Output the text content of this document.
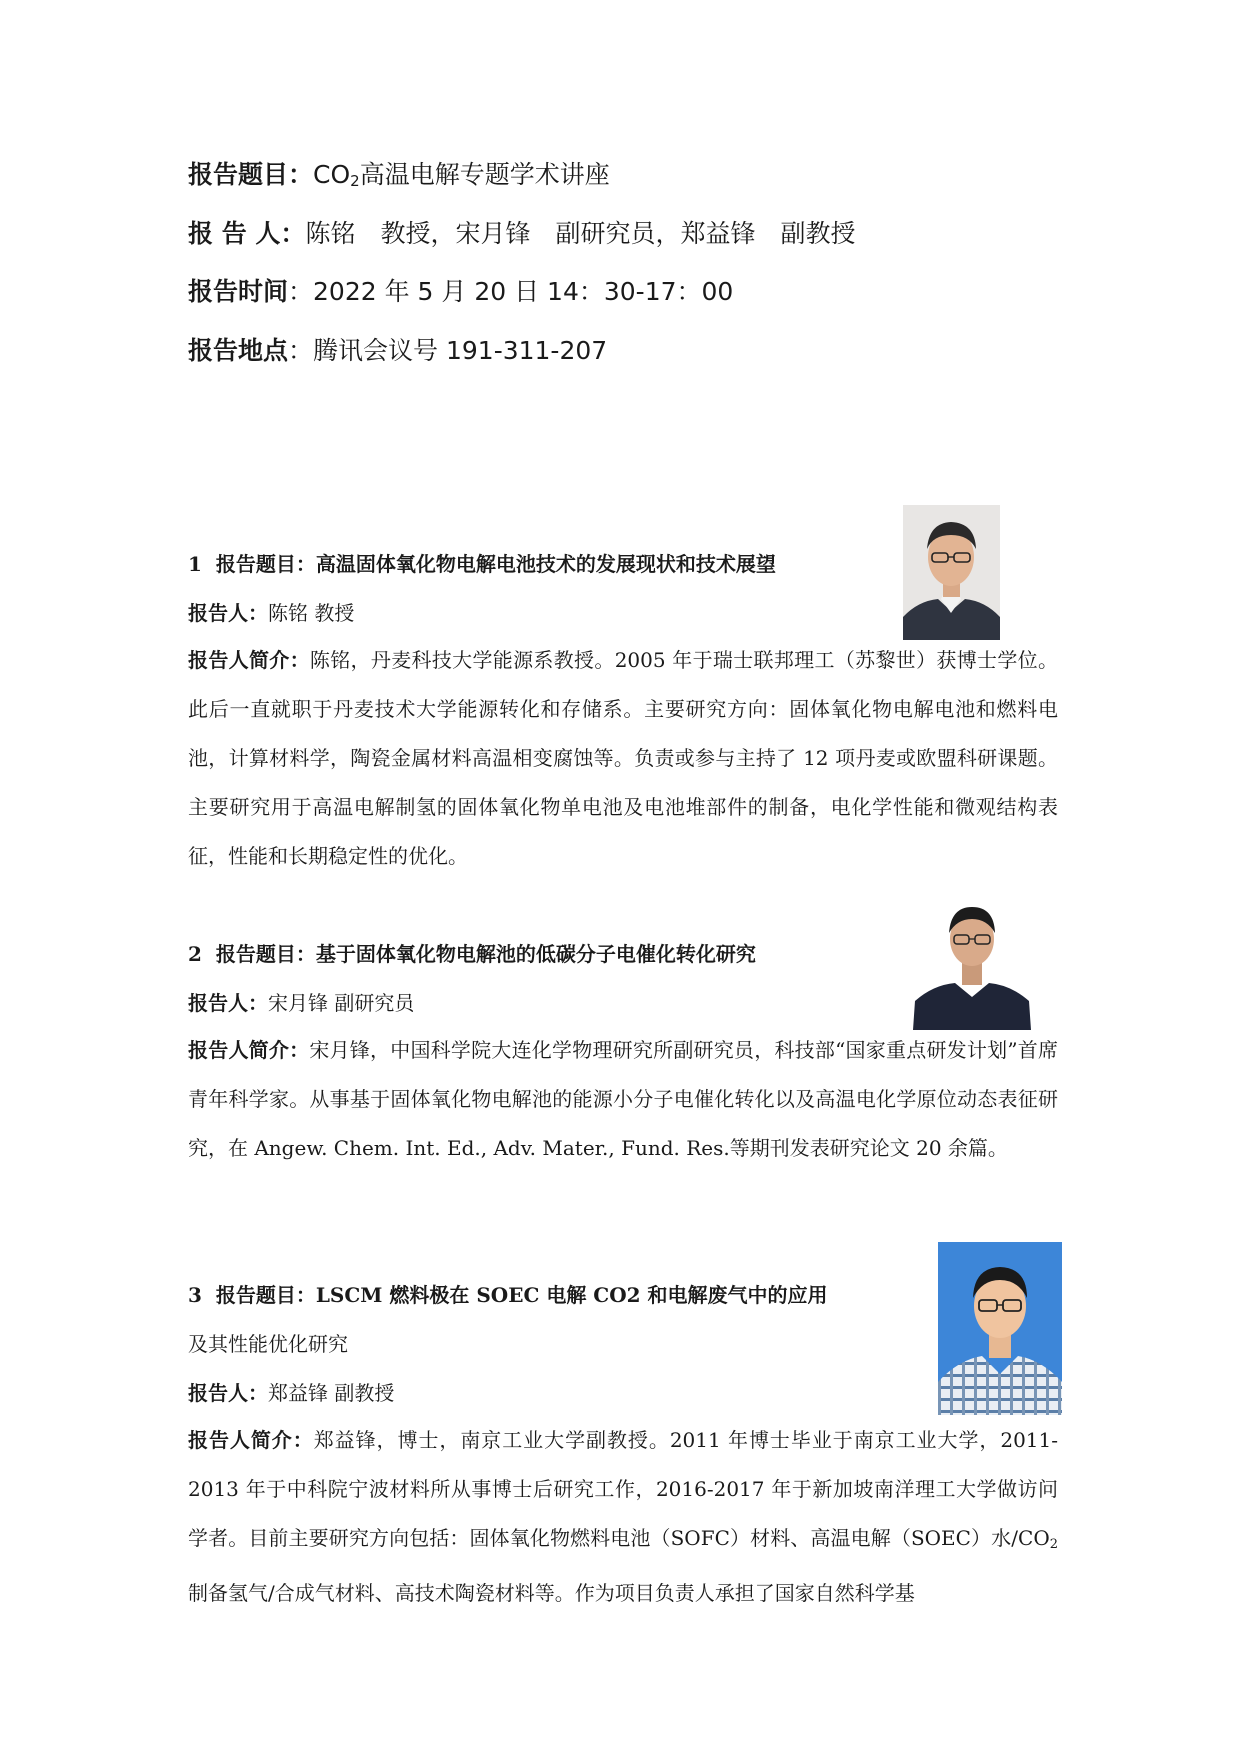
报告题目：$CO_2$高温电解专题学术讲座
报 告 人：陈铭　教授，宋月锋　副研究员，郑益锋　副教授
报告时间：2022 年 5 月 20 日 14：30-17：00
报告地点：腾讯会议号 191-311-207
1 报告题目：高温固体氧化物电解电池技术的发展现状和技术展望
报告人：陈铭 教授
报告人简介：陈铭，丹麦科技大学能源系教授。2005 年于瑞士联邦理工（苏黎世）获博士学位。此后一直就职于丹麦技术大学能源转化和存储系。主要研究方向：固体氧化物电解电池和燃料电池，计算材料学，陶瓷金属材料高温相变腐蚀等。负责或参与主持了 12 项丹麦或欧盟科研课题。主要研究用于高温电解制氢的固体氧化物单电池及电池堆部件的制备，电化学性能和微观结构表征，性能和长期稳定性的优化。
2 报告题目：基于固体氧化物电解池的低碳分子电催化转化研究
报告人：宋月锋 副研究员
报告人简介：宋月锋，中国科学院大连化学物理研究所副研究员，科技部“国家重点研发计划”首席青年科学家。从事基于固体氧化物电解池的能源小分子电催化转化以及高温电化学原位动态表征研究，在 Angew. Chem. Int. Ed., Adv. Mater., Fund. Res.等期刊发表研究论文 20 余篇。
3 报告题目：LSCM 燃料极在 SOEC 电解 CO2 和电解废气中的应用
及其性能优化研究
报告人：郑益锋 副教授
报告人简介：郑益锋，博士，南京工业大学副教授。2011 年博士毕业于南京工业大学，2011-2013 年于中科院宁波材料所从事博士后研究工作，2016-2017 年于新加坡南洋理工大学做访问学者。目前主要研究方向包括：固体氧化物燃料电池（SOFC）材料、高温电解（SOEC）水$/CO_2$ 制备氢气/合成气材料、高技术陶瓷材料等。作为项目负责人承担了国家自然科学基
